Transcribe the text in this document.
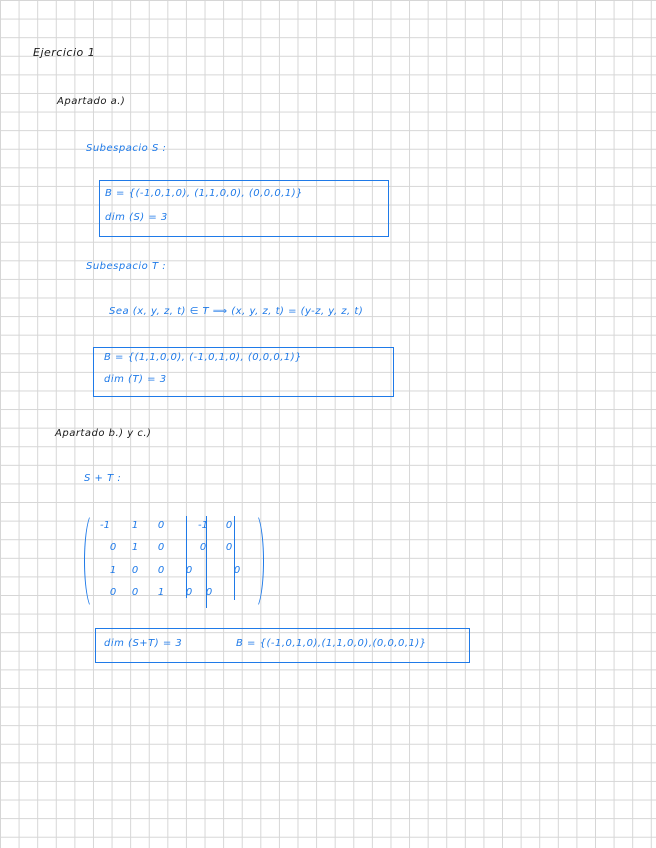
Ejercicio 1
Apartado a.)
Subespacio S :
B = {(-1,0,1,0), (1,1,0,0), (0,0,0,1)}
dim (S) = 3
Subespacio T :
Sea (x, y, z, t) ∈ T ⟹ (x, y, z, t) = (y-z, y, z, t)
B = {(1,1,0,0), (-1,0,1,0), (0,0,0,1)}
dim (T) = 3
Apartado b.) y c.)
S + T :
-1	1	0	-1	0
0	1	0	0	0
1	0	0	0	0
0	0	1	0	0
dim (S+T) = 3	B = {(-1,0,1,0),(1,1,0,0),(0,0,0,1)}
